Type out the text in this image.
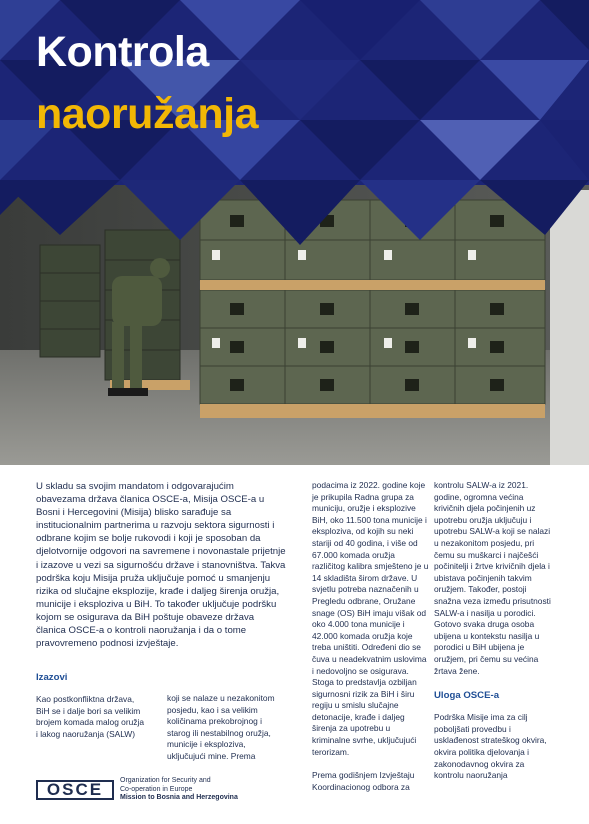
Kontrola
naoružanja

U skladu sa svojim mandatom i odgovarajućim obavezama država članica OSCE-a, Misija OSCE-a u Bosni i Hercegovini (Misija) blisko sarađuje sa institucionalnim partnerima u razvoju sektora sigurnosti i odbrane kojim se bolje rukovodi i koji je sposoban da djelotvornije odgovori na savremene i novonastale prijetnje i izazove u vezi sa sigurnošću države i stanovništva. Takva podrška koju Misija pruža uključuje pomoć u smanjenju rizika od slučajne eksplozije, krađe i daljeg širenja oružja, municije i eksploziva u BiH. To također uključuje podršku kojom se osigurava da BiH poštuje obaveze država članica OSCE-a o kontroli naoružanja i da o tome pravovremeno podnosi izvještaje.

Izazovi

Kao postkonfliktna država, BiH se i dalje bori sa velikim brojem komada malog oružja i lakog naoružanja (SALW)

koji se nalaze u nezakonitom posjedu, kao i sa velikim količinama prekobrojnog i starog ili nestabilnog oružja, municije i eksploziva, uključujući mine. Prema

podacima iz 2022. godine koje je prikupila Radna grupa za municiju, oružje i eksplozive BiH, oko 11.500 tona municije i eksploziva, od kojih su neki stariji od 40 godina, i više od 67.000 komada oružja različitog kalibra smješteno je u 14 skladišta širom države. U svjetlu potreba naznačenih u Pregledu odbrane, Oružane snage (OS) BiH imaju višak od oko 4.000 tona municije i 42.000 komada oružja koje treba uništiti. Određeni dio se čuva u neadekvatnim uslovima i nedovoljno se osigurava. Stoga to predstavlja ozbiljan sigurnosni rizik za BiH i širu regiju u smislu slučajne detonacije, krađe i daljeg širenja za upotrebu u kriminalne svrhe, uključujući terorizam.

Prema godišnjem Izvještaju Koordinacionog odbora za

kontrolu SALW-a iz 2021. godine, ogromna većina krivičnih djela počinjenih uz upotrebu oružja uključuju i upotrebu SALW-a koji se nalazi u nezakonitom posjedu, pri čemu su muškarci i najčešći počinitelji i žrtve krivičnih djela i ubistava počinjenih takvim oružjem. Također, postoji snažna veza između prisutnosti SALW-a i nasilja u porodici. Gotovo svaka druga osoba ubijena u kontekstu nasilja u porodici u BiH ubijena je oružjem, pri čemu su većina žrtava žene.

Uloga OSCE-a

Podrška Misije ima za cilj poboljšati provedbu i usklađenost strateškog okvira, okvira politika djelovanja i zakonodavnog okvira za kontrolu naoružanja

OSCE	Organization for Security and
Co-operation in Europe
Mission to Bosnia and Herzegovina
